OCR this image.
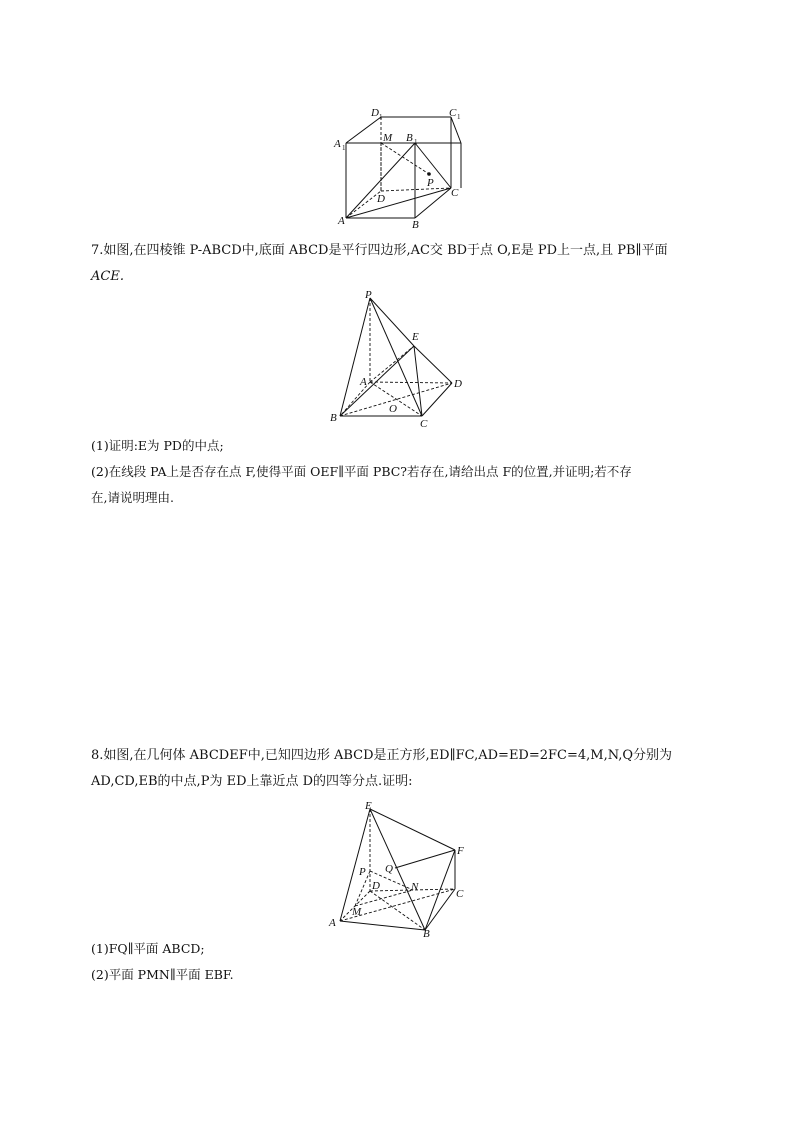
D 1	C 1
A 1
M B 1
P
C
D
A	B
7.如图,在四棱锥 P-ABCD中,底面 ABCD是平行四边形,AC交 BD于点 O,E是 PD上一点,且 PB∥平面
ACE.
P
E
A	D
B
O
C
(1)证明:E为 PD的中点;
(2)在线段 PA上是否存在点 F,使得平面 OEF∥平面 PBC?若存在,请给出点 F的位置,并证明;若不存
在,请说明理由.
8.如图,在几何体 ABCDEF中,已知四边形 ABCD是正方形,ED∥FC,AD=ED=2FC=4,M,N,Q分别为
AD,CD,EB的中点,P为 ED上靠近点 D的四等分点.证明:
E
F
Q
P
D	N
C
A
M
B
(1)FQ∥平面 ABCD;
(2)平面 PMN∥平面 EBF.
